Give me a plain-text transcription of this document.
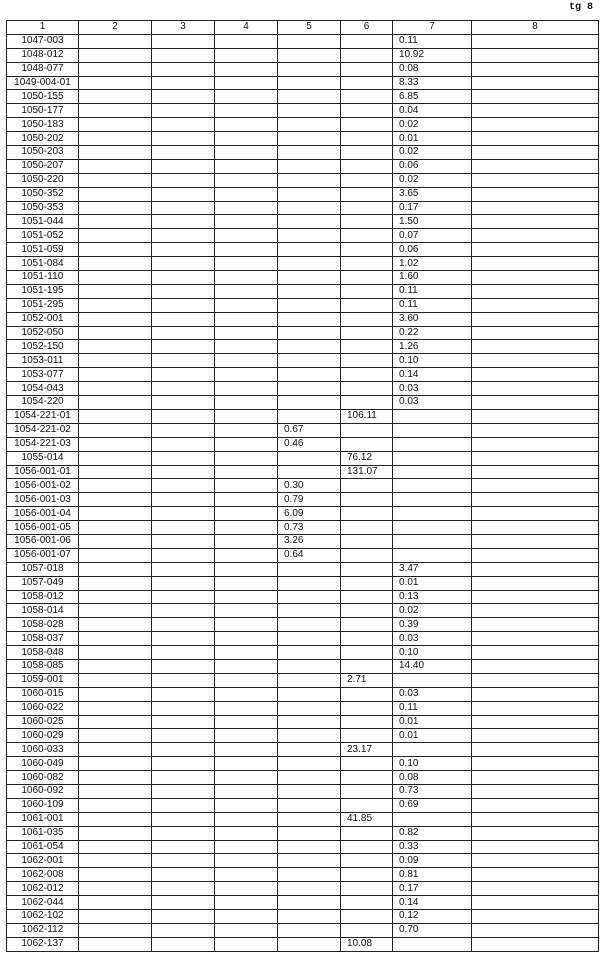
tg 8
1	2	3	4	5	6	7	8
1047-003						0.11	
1048-012						10.92	
1048-077						0.08	
1049-004-01						8.33	
1050-155						6.85	
1050-177						0.04	
1050-183						0.02	
1050-202						0.01	
1050-203						0.02	
1050-207						0.06	
1050-220						0.02	
1050-352						3.65	
1050-353						0.17	
1051-044						1.50	
1051-052						0.07	
1051-059						0.06	
1051-084						1.02	
1051-110						1.60	
1051-195						0.11	
1051-295						0.11	
1052-001						3.60	
1052-050						0.22	
1052-150						1.26	
1053-011						0.10	
1053-077						0.14	
1054-043						0.03	
1054-220						0.03	
1054-221-01					106.11		
1054-221-02				0.67			
1054-221-03				0.46			
1055-014					76.12		
1056-001-01					131.07		
1056-001-02				0.30			
1056-001-03				0.79			
1056-001-04				6.09			
1056-001-05				0.73			
1056-001-06				3.26			
1056-001-07				0.64			
1057-018						3.47	
1057-049						0.01	
1058-012						0.13	
1058-014						0.02	
1058-028						0.39	
1058-037						0.03	
1058-048						0.10	
1058-085						14.40	
1059-001					2.71		
1060-015						0.03	
1060-022						0.11	
1060-025						0.01	
1060-029						0.01	
1060-033					23.17		
1060-049						0.10	
1060-082						0.08	
1060-092						0.73	
1060-109						0.69	
1061-001					41.85		
1061-035						0.82	
1061-054						0.33	
1062-001						0.09	
1062-008						0.81	
1062-012						0.17	
1062-044						0.14	
1062-102						0.12	
1062-112						0.70	
1062-137					10.08		
